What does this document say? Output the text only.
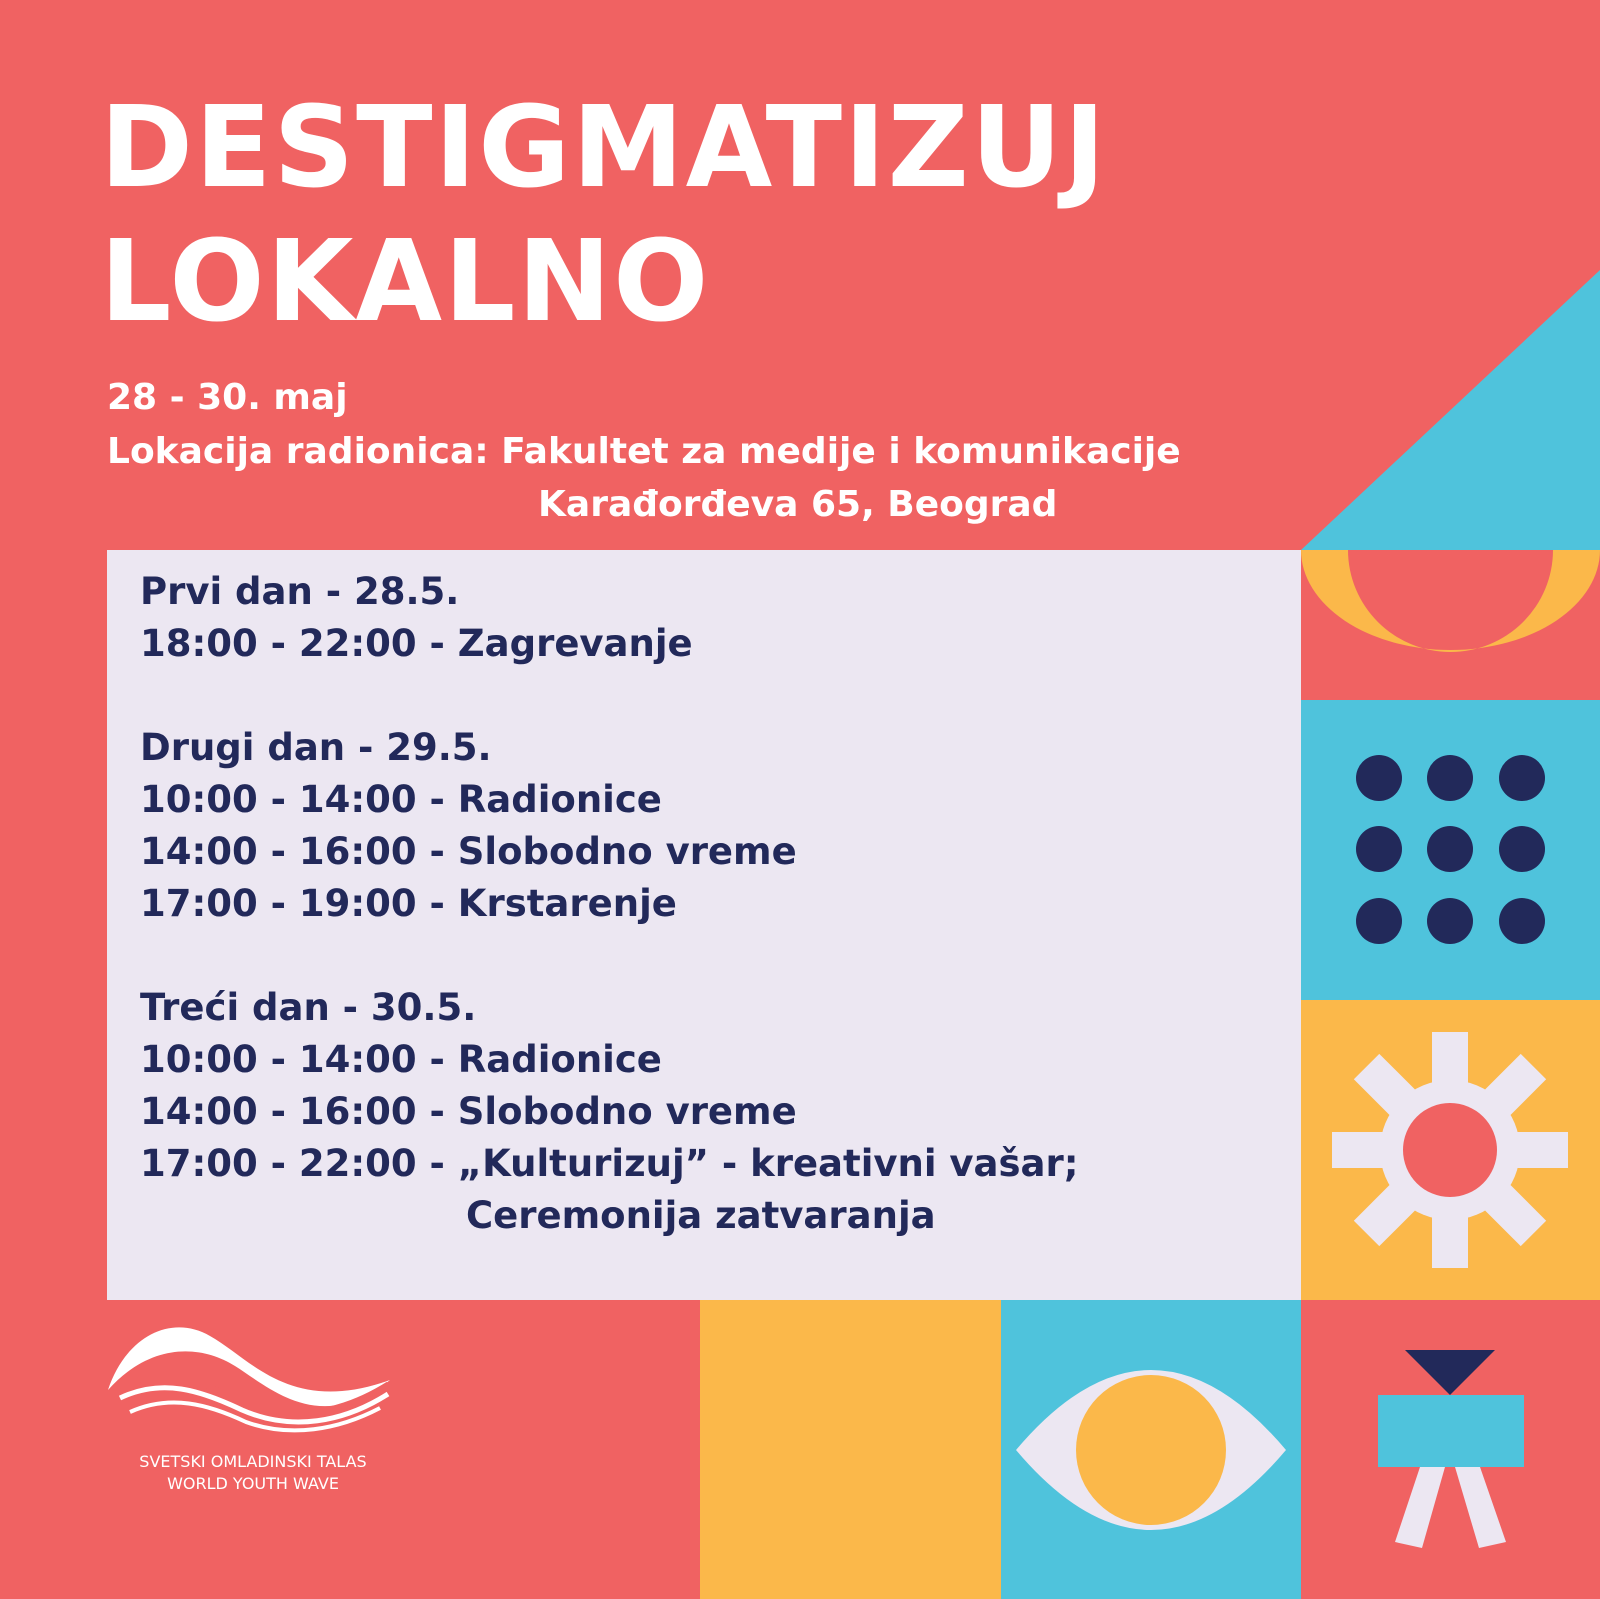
DESTIGMATIZUJ
LOKALNO
28 - 30. maj
Lokacija radionica: Fakultet za medije i komunikacije
Karađorđeva 65, Beograd
Prvi dan - 28.5.
18:00 - 22:00 - Zagrevanje
Drugi dan - 29.5.
10:00 - 14:00 - Radionice
14:00 - 16:00 - Slobodno vreme
17:00 - 19:00 - Krstarenje
Treći dan - 30.5.
10:00 - 14:00 - Radionice
14:00 - 16:00 - Slobodno vreme
17:00 - 22:00 - „Kulturizuj” - kreativni vašar;
Ceremonija zatvaranja
SVETSKI OMLADINSKI TALAS
WORLD YOUTH WAVE
